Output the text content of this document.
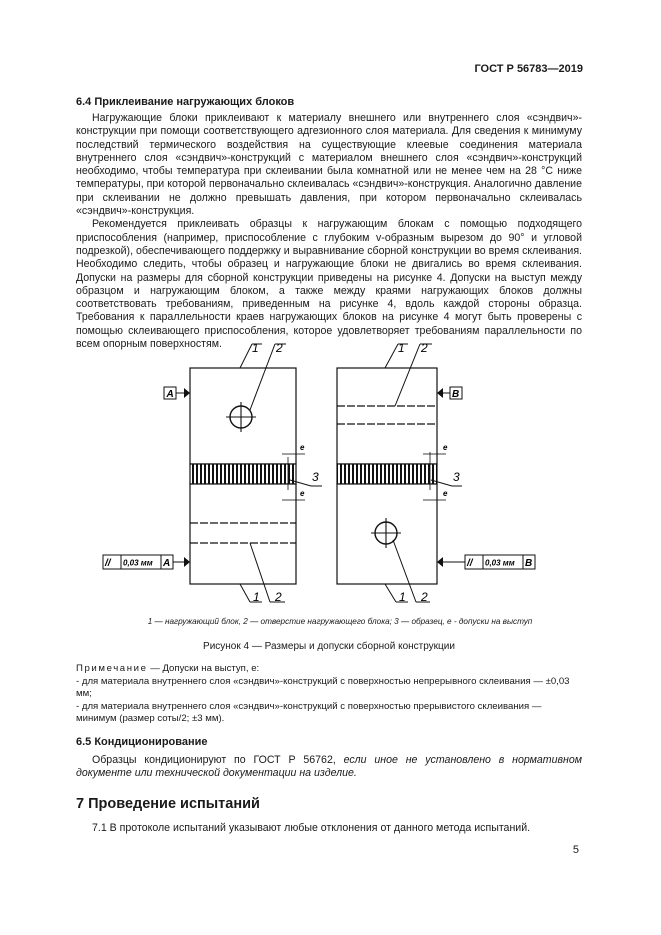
ГОСТ Р 56783—2019
6.4 Приклеивание нагружающих блоков

Нагружающие блоки приклеивают к материалу внешнего или внутреннего слоя «сэндвич»-конструкции при помощи соответствующего адгезионного слоя материала. Для сведения к минимуму последствий термического воздействия на существующие клеевые соединения материала внутреннего слоя «сэндвич»-конструкций с материалом внешнего слоя «сэндвич»-конструкций необходимо, чтобы температура при склеивании была комнатной или не менее чем на 28 °С ниже температуры, при которой первоначально склеивалась «сэндвич»-конструкция. Аналогично давление при склеивании не должно превышать давления, при котором первоначально склеивалась «сэндвич»-конструкция.

Рекомендуется приклеивать образцы к нагружающим блокам с помощью подходящего приспособления (например, приспособление с глубоким v-образным вырезом до 90° и угловой подрезкой), обеспечивающего поддержку и выравнивание сборной конструкции во время склеивания. Необходимо следить, чтобы образец и нагружающие блоки не двигались во время склеивания. Допуски на размеры для сборной конструкции приведены на рисунке 4. Допуски на выступ между образцом и нагружающим блоком, а также между краями нагружающих блоков должны соответствовать требованиям, приведенным на рисунке 4, вдоль каждой стороны образца. Требования к параллельности краев нагружающих блоков на рисунке 4 могут быть проверены с помощью склеивающего приспособления, которое удовлетворяет требованиям параллельности по всем опорным поверхностям.	1 2
A
e
e
3
// 0,03 мм A
1 2
1 2
B
e
e
3
// 0,03 мм B
1 2
1 — нагружающий блок, 2 — отверстие нагружающего блока; 3 — образец, е - допуски на выступ
Рисунок 4 — Размеры и допуски сборной конструкции
Примечание — Допуски на выступ, е:
- для материала внутреннего слоя «сэндвич»-конструкций с поверхностью непрерывного склеивания — ±0,03 мм;
- для материала внутреннего слоя «сэндвич»-конструкций с поверхностью прерывистого склеивания — минимум (размер соты/2; ±3 мм).
6.5 Кондиционирование

Образцы кондиционируют по ГОСТ Р 56762, если иное не установлено в нормативном документе или технической документации на изделие.

7 Проведение испытаний

7.1 В протоколе испытаний указывают любые отклонения от данного метода испытаний.

5
